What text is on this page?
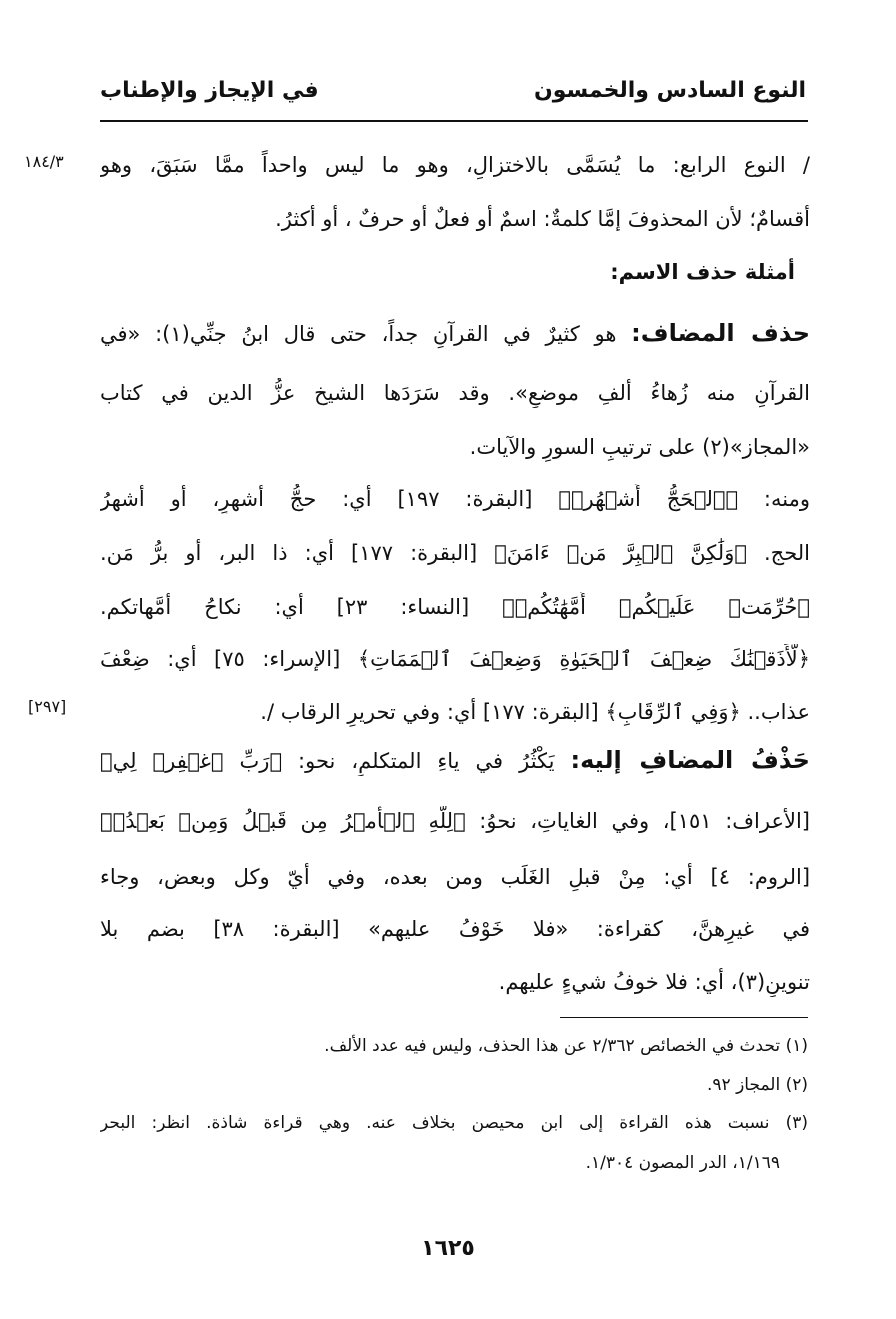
النوع السادس والخمسون
في الإيجاز والإطناب
١٨٤/٣
[٢٩٧]
/ النوع الرابع: ما يُسَمَّى بالاختزالِ، وهو ما ليس واحداً ممَّا سَبَقَ، وهو
أقسامٌ؛ لأن المحذوفَ إمَّا كلمةٌ: اسمٌ أو فعلٌ أو حرفٌ ، أو أكثرُ.
أمثلة حذف الاسم:
حذف المضاف: هو كثيرٌ في القرآنِ جداً، حتى قال ابنُ جنِّي(١): «في
القرآنِ منه زُهاءُ ألفِ موضعٍ». وقد سَرَدَها الشيخ عزُّ الدين في كتاب
«المجاز»(٢) على ترتيبِ السورِ والآيات.
ومنه: ﴿ٱلۡحَجُّ أَشۡهُرٞ﴾ [البقرة: ١٩٧] أي: حجُّ أشهرٍ، أو أشهرُ
الحج. ﴿وَلَٰكِنَّ ٱلۡبِرَّ مَنۡ ءَامَنَ﴾ [البقرة: ١٧٧] أي: ذا البر، أو برُّ مَن.
﴿حُرِّمَتۡ عَلَيۡكُمۡ أُمَّهَٰتُكُمۡ﴾ [النساء: ٢٣] أي: نكاحُ أمَّهاتكم.
﴿لَّأَذَقۡنَٰكَ ضِعۡفَ ٱلۡحَيَوٰةِ وَضِعۡفَ ٱلۡمَمَاتِ﴾ [الإسراء: ٧٥] أي: ضِعْفَ
عذاب.. ﴿وَفِي ٱلرِّقَابِ﴾ [البقرة: ١٧٧] أي: وفي تحريرِ الرقاب /.
حَذْفُ المضافِ إليه: يَكْثُرُ في ياءِ المتكلمِ، نحو: ﴿رَبِّ ٱغۡفِرۡ لِي﴾
[الأعراف: ١٥١]، وفي الغاياتِ، نحوُ: ﴿لِلَّهِ ٱلۡأَمۡرُ مِن قَبۡلُ وَمِنۢ بَعۡدُۚ﴾
[الروم: ٤] أي: مِنْ قبلِ الغَلَب ومن بعده، وفي أيّ وكل وبعض، وجاء
في غيرِهنَّ، كقراءة: «فلا خَوْفُ عليهم» [البقرة: ٣٨] بضم بلا
تنوينٍ(٣)، أي: فلا خوفُ شيءٍ عليهم.
(١) تحدث في الخصائص ٢/٣٦٢ عن هذا الحذف، وليس فيه عدد الألف.
(٢) المجاز ٩٢.
(٣) نسبت هذه القراءة إلى ابن محيصن بخلاف عنه. وهي قراءة شاذة. انظر: البحر
١/١٦٩، الدر المصون ١/٣٠٤.
١٦٢٥
